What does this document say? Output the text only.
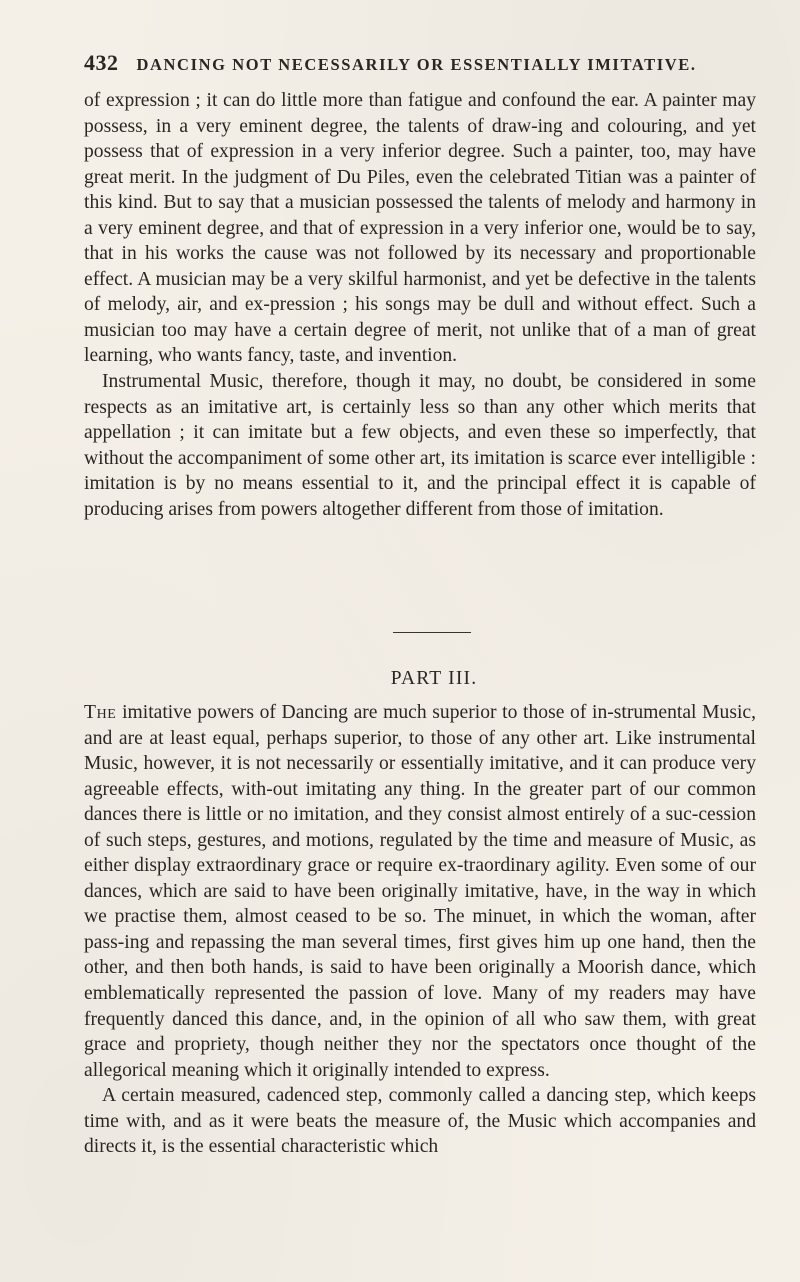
432 DANCING NOT NECESSARILY OR ESSENTIALLY IMITATIVE.

of expression ; it can do little more than fatigue and confound the ear. A painter may possess, in a very eminent degree, the talents of draw-ing and colouring, and yet possess that of expression in a very inferior degree. Such a painter, too, may have great merit. In the judgment of Du Piles, even the celebrated Titian was a painter of this kind. But to say that a musician possessed the talents of melody and harmony in a very eminent degree, and that of expression in a very inferior one, would be to say, that in his works the cause was not followed by its necessary and proportionable effect. A musician may be a very skilful harmonist, and yet be defective in the talents of melody, air, and ex-pression ; his songs may be dull and without effect. Such a musician too may have a certain degree of merit, not unlike that of a man of great learning, who wants fancy, taste, and invention.

Instrumental Music, therefore, though it may, no doubt, be considered in some respects as an imitative art, is certainly less so than any other which merits that appellation ; it can imitate but a few objects, and even these so imperfectly, that without the accompaniment of some other art, its imitation is scarce ever intelligible : imitation is by no means essential to it, and the principal effect it is capable of producing arises from powers altogether different from those of imitation.

PART III.

The imitative powers of Dancing are much superior to those of in-strumental Music, and are at least equal, perhaps superior, to those of any other art. Like instrumental Music, however, it is not necessarily or essentially imitative, and it can produce very agreeable effects, with-out imitating any thing. In the greater part of our common dances there is little or no imitation, and they consist almost entirely of a suc-cession of such steps, gestures, and motions, regulated by the time and measure of Music, as either display extraordinary grace or require ex-traordinary agility. Even some of our dances, which are said to have been originally imitative, have, in the way in which we practise them, almost ceased to be so. The minuet, in which the woman, after pass-ing and repassing the man several times, first gives him up one hand, then the other, and then both hands, is said to have been originally a Moorish dance, which emblematically represented the passion of love. Many of my readers may have frequently danced this dance, and, in the opinion of all who saw them, with great grace and propriety, though neither they nor the spectators once thought of the allegorical meaning which it originally intended to express.

A certain measured, cadenced step, commonly called a dancing step, which keeps time with, and as it were beats the measure of, the Music which accompanies and directs it, is the essential characteristic which
